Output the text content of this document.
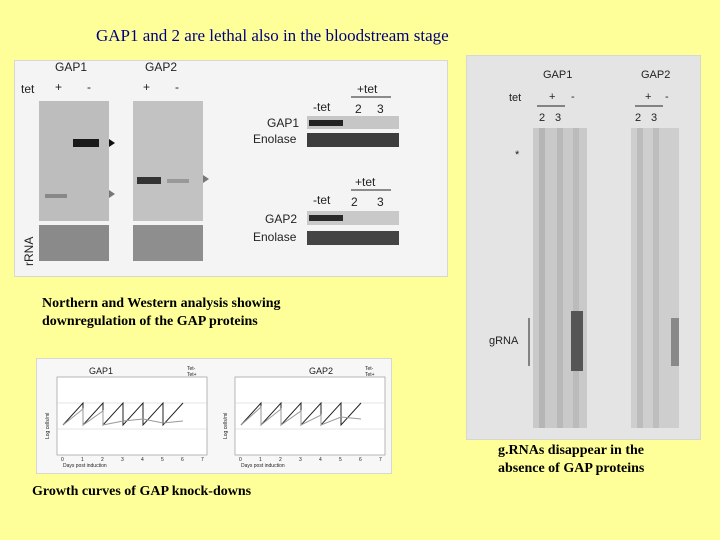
GAP1 and 2 are lethal also in the bloodstream stage
GAP1	GAP2
tet + -	+ -
rRNA
-tet
+tet
2 3
GAP1
Enolase
-tet
+tet
2 3
GAP2
Enolase
Northern and Western analysis showing
downregulation of the GAP proteins
GAP1	GAP2
Log cells/ml
Days post induction
0	1	2	3	4	5	6	7
Tet-
Tet+
Log cells/ml
Days post induction
0	1	2	3	4	5	6	7
Tet-
Tet+
Growth curves of GAP knock-downs
GAP1	GAP2
tet	+ -	+ -
2 3	2 3
*
gRNA
g.RNAs disappear in the
absence of GAP proteins
